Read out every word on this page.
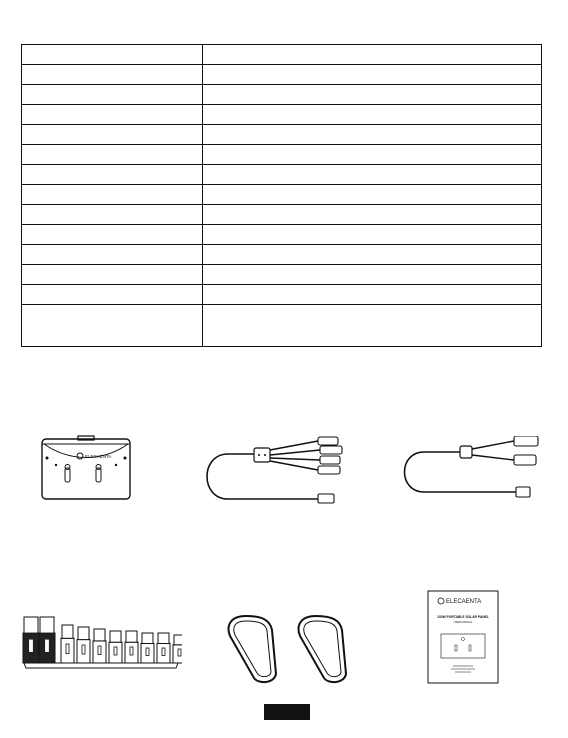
ELECAENTA
ELECAENTA
100W PORTABLE SOLAR PANEL
USER MANUAL
